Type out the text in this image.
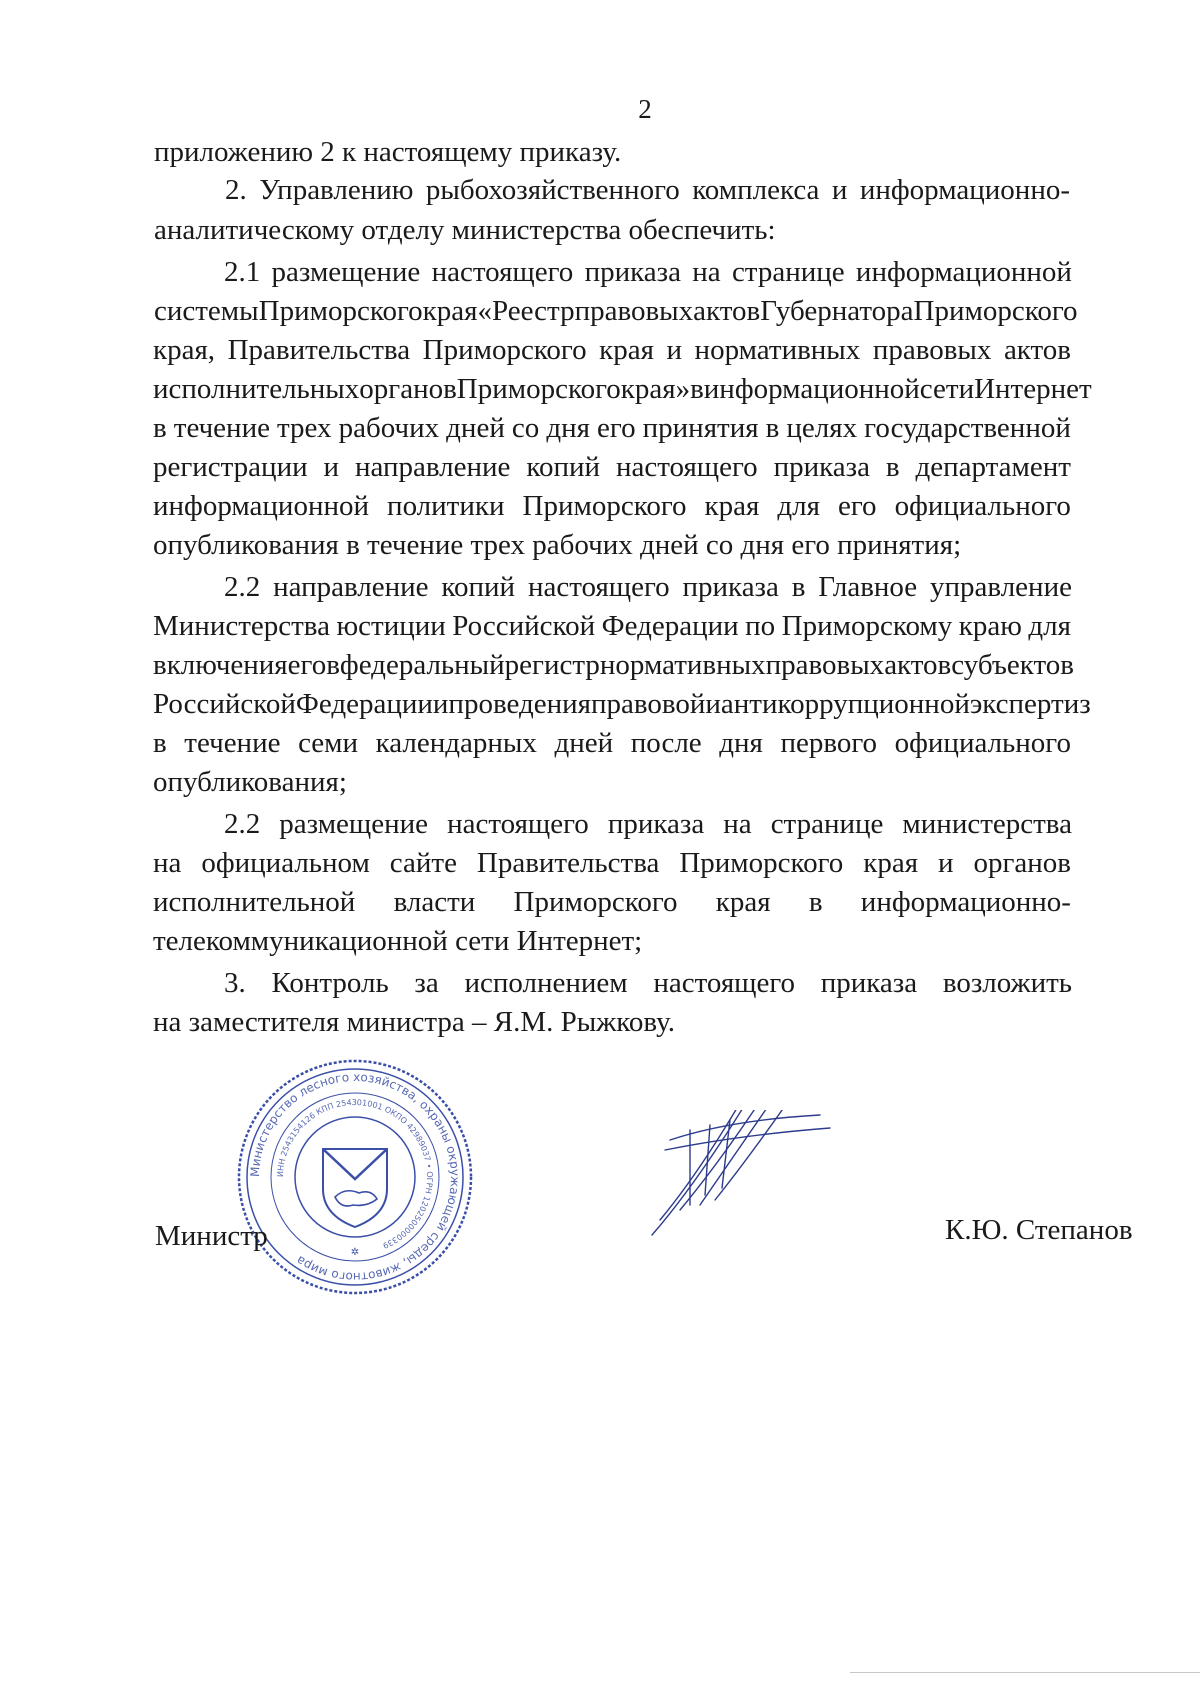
2
приложению 2 к настоящему приказу.
2. Управлению рыбохозяйственного комплекса и информационно-
аналитическому отделу министерства обеспечить:
2.1 размещение настоящего приказа на странице информационной
системы Приморского края «Реестр правовых актов Губернатора Приморского
края, Правительства Приморского края и нормативных правовых актов
исполнительных органов Приморского края» в информационной сети Интернет
в течение трех рабочих дней со дня его принятия в целях государственной
регистрации и направление копий настоящего приказа в департамент
информационной политики Приморского края для его официального
опубликования в течение трех рабочих дней со дня его принятия;
2.2 направление копий настоящего приказа в Главное управление
Министерства юстиции Российской Федерации по Приморскому краю для
включения его в федеральный регистр нормативных правовых актов субъектов
Российской Федерации и проведения правовой и антикоррупционной экспертиз
в течение семи календарных дней после дня первого официального
опубликования;
2.2 размещение настоящего приказа на странице министерства
на официальном сайте Правительства Приморского края и органов
исполнительной власти Приморского края в информационно-
телекоммуникационной сети Интернет;
3. Контроль за исполнением настоящего приказа возложить
на заместителя министра – Я.М. Рыжкову.
Министерство лесного хозяйства, охраны окружающей среды, животного мира
ИНН 2543154126 КПП 254301001 ОКПО 42989037 • ОГРН 1202500000339
✲
Министр	К.Ю. Степанов
